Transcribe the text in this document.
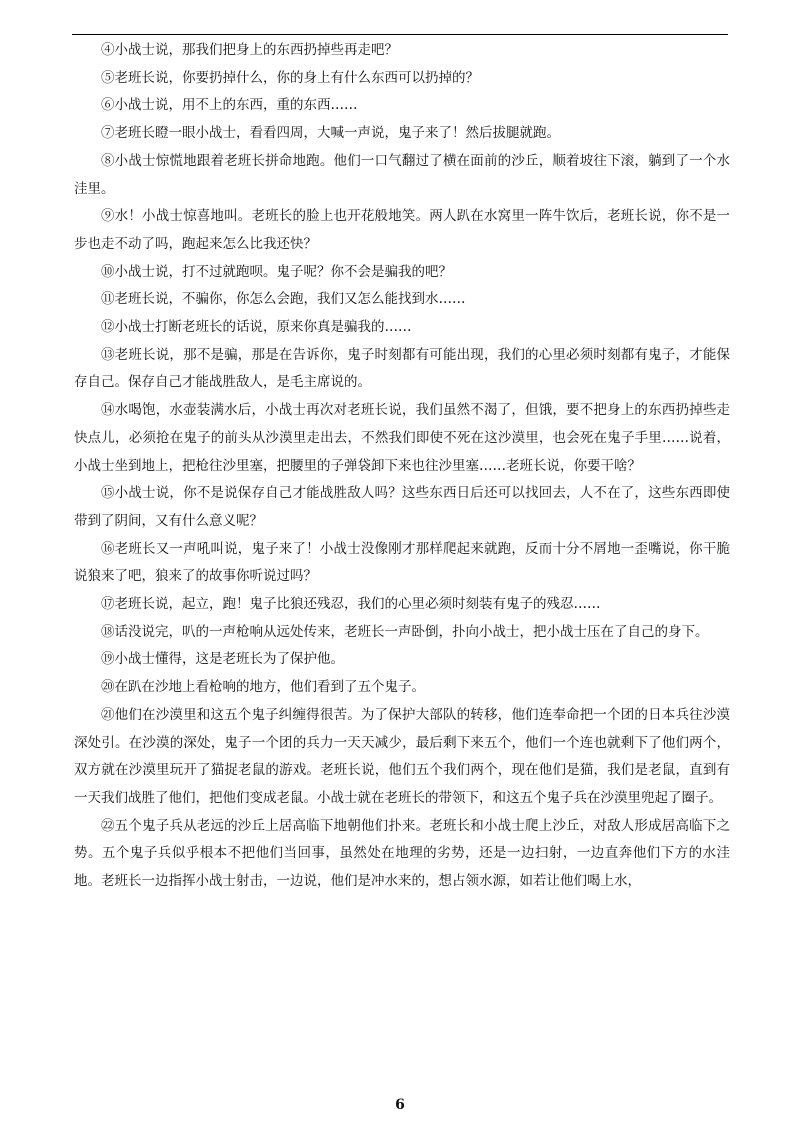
④小战士说，那我们把身上的东西扔掉些再走吧？

⑤老班长说，你要扔掉什么，你的身上有什么东西可以扔掉的？

⑥小战士说，用不上的东西，重的东西……

⑦老班长瞪一眼小战士，看看四周，大喊一声说，鬼子来了！然后拔腿就跑。

⑧小战士惊慌地跟着老班长拼命地跑。他们一口气翻过了横在面前的沙丘，顺着坡往下滚，躺到了一个水洼里。

⑨水！小战士惊喜地叫。老班长的脸上也开花般地笑。两人趴在水窝里一阵牛饮后，老班长说，你不是一步也走不动了吗，跑起来怎么比我还快？

⑩小战士说，打不过就跑呗。鬼子呢？你不会是骗我的吧？

⑪老班长说，不骗你，你怎么会跑，我们又怎么能找到水……

⑫小战士打断老班长的话说，原来你真是骗我的……

⑬老班长说，那不是骗，那是在告诉你，鬼子时刻都有可能出现，我们的心里必须时刻都有鬼子，才能保存自己。保存自己才能战胜敌人，是毛主席说的。

⑭水喝饱，水壶装满水后，小战士再次对老班长说，我们虽然不渴了，但饿，要不把身上的东西扔掉些走快点儿，必须抢在鬼子的前头从沙漠里走出去，不然我们即使不死在这沙漠里，也会死在鬼子手里……说着，小战士坐到地上，把枪往沙里塞，把腰里的子弹袋卸下来也往沙里塞……老班长说，你要干啥？

⑮小战士说，你不是说保存自己才能战胜敌人吗？这些东西日后还可以找回去，人不在了，这些东西即使带到了阴间，又有什么意义呢？

⑯老班长又一声吼叫说，鬼子来了！小战士没像刚才那样爬起来就跑，反而十分不屑地一歪嘴说，你干脆说狼来了吧，狼来了的故事你听说过吗？

⑰老班长说，起立，跑！鬼子比狼还残忍，我们的心里必须时刻装有鬼子的残忍……

⑱话没说完，叭的一声枪响从远处传来，老班长一声卧倒，扑向小战士，把小战士压在了自己的身下。

⑲小战士懂得，这是老班长为了保护他。

⑳在趴在沙地上看枪响的地方，他们看到了五个鬼子。

㉑他们在沙漠里和这五个鬼子纠缠得很苦。为了保护大部队的转移，他们连奉命把一个团的日本兵往沙漠深处引。在沙漠的深处，鬼子一个团的兵力一天天减少，最后剩下来五个，他们一个连也就剩下了他们两个，双方就在沙漠里玩开了猫捉老鼠的游戏。老班长说，他们五个我们两个，现在他们是猫，我们是老鼠，直到有一天我们战胜了他们，把他们变成老鼠。小战士就在老班长的带领下，和这五个鬼子兵在沙漠里兜起了圈子。

㉒五个鬼子兵从老远的沙丘上居高临下地朝他们扑来。老班长和小战士爬上沙丘，对敌人形成居高临下之势。五个鬼子兵似乎根本不把他们当回事，虽然处在地理的劣势，还是一边扫射，一边直奔他们下方的水洼地。老班长一边指挥小战士射击，一边说，他们是冲水来的，想占领水源，如若让他们喝上水，

6
